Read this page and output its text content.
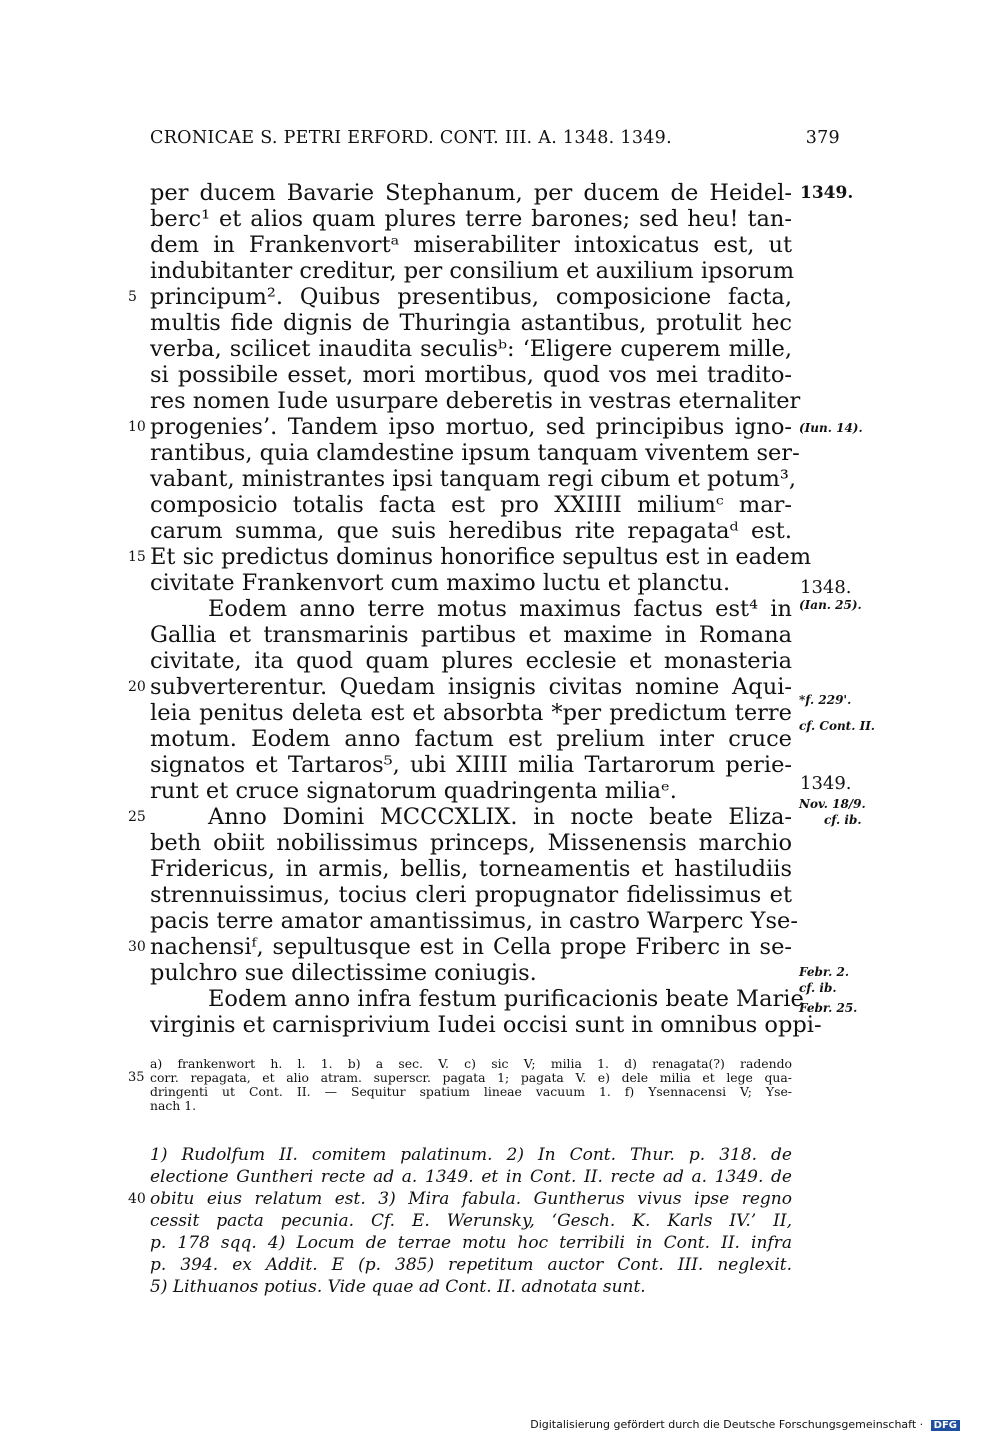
CRONICAE S. PETRI ERFORD. CONT. III. A. 1348. 1349.	379
per ducem Bavarie Stephanum, per ducem de Heidel-
berc¹ et alios quam plures terre barones; sed heu! tan-
dem in Frankenvortᵃ miserabiliter intoxicatus est, ut
indubitanter creditur, per consilium et auxilium ipsorum
principum². Quibus presentibus, composicione facta,
multis fide dignis de Thuringia astantibus, protulit hec
verba, scilicet inaudita seculisᵇ: ‘Eligere cuperem mille,
si possibile esset, mori mortibus, quod vos mei tradito-
res nomen Iude usurpare deberetis in vestras eternaliter
progenies’. Tandem ipso mortuo, sed principibus igno-
rantibus, quia clamdestine ipsum tanquam viventem ser-
vabant, ministrantes ipsi tanquam regi cibum et potum³,
composicio totalis facta est pro XXIIII miliumᶜ mar-
carum summa, que suis heredibus rite repagataᵈ est.
Et sic predictus dominus honorifice sepultus est in eadem
civitate Frankenvort cum maximo luctu et planctu.
Eodem anno terre motus maximus factus est⁴ in
Gallia et transmarinis partibus et maxime in Romana
civitate, ita quod quam plures ecclesie et monasteria
subverterentur. Quedam insignis civitas nomine Aqui-
leia penitus deleta est et absorbta *per predictum terre
motum. Eodem anno factum est prelium inter cruce
signatos et Tartaros⁵, ubi XIIII milia Tartarorum perie-
runt et cruce signatorum quadringenta miliaᵉ.
Anno Domini MCCCXLIX. in nocte beate Eliza-
beth obiit nobilissimus princeps, Missenensis marchio
Fridericus, in armis, bellis, torneamentis et hastiludiis
strennuissimus, tocius cleri propugnator fidelissimus et
pacis terre amator amantissimus, in castro Warperc Yse-
nachensiᶠ, sepultusque est in Cella prope Friberc in se-
pulchro sue dilectissime coniugis.
Eodem anno infra festum purificacionis beate Marie
virginis et carnisprivium Iudei occisi sunt in omnibus oppi-
5
10
15
20
25
30
1349.
(Iun. 14).
1348.
(Ian. 25).
*f. 229'.
cf. Cont. II.
1349.
Nov. 18/9.
cf. ib.
Febr. 2.
cf. ib.
Febr. 25.
a) frankenwort h. l. 1. b) a sec. V. c) sic V; milia 1. d) renagata(?) radendo
corr. repagata, et alio atram. superscr. pagata 1; pagata V. e) dele milia et lege qua-
dringenti ut Cont. II. — Sequitur spatium lineae vacuum 1. f) Ysennacensi V; Yse-
nach 1.
35
1) Rudolfum II. comitem palatinum. 2) In Cont. Thur. p. 318. de
electione Guntheri recte ad a. 1349. et in Cont. II. recte ad a. 1349. de
obitu eius relatum est. 3) Mira fabula. Guntherus vivus ipse regno
cessit pacta pecunia. Cf. E. Werunsky, ‘Gesch. K. Karls IV.’ II,
p. 178 sqq. 4) Locum de terrae motu hoc terribili in Cont. II. infra
p. 394. ex Addit. E (p. 385) repetitum auctor Cont. III. neglexit.
5) Lithuanos potius. Vide quae ad Cont. II. adnotata sunt.
40
Digitalisierung gefördert durch die Deutsche Forschungsgemeinschaft · DFG
